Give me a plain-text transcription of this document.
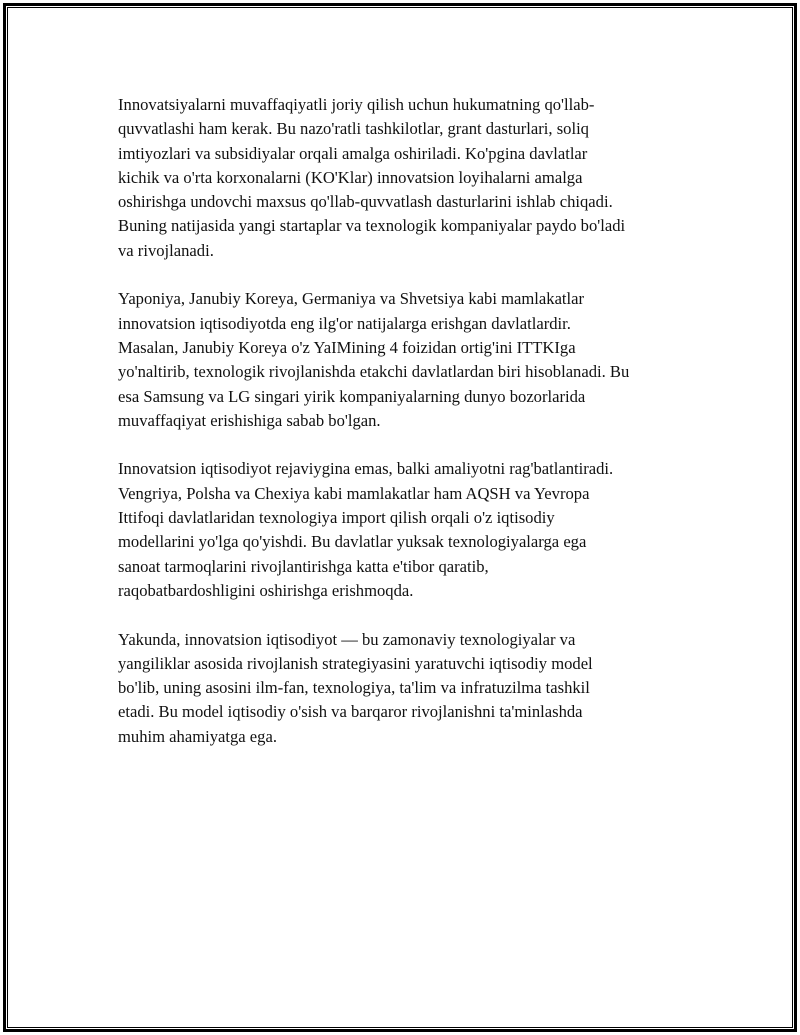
Innovatsiyalarni muvaffaqiyatli joriy qilish uchun hukumatning qo'llab-
quvvatlashi ham kerak. Bu nazo'ratli tashkilotlar, grant dasturlari, soliq
imtiyozlari va subsidiyalar orqali amalga oshiriladi. Ko'pgina davlatlar
kichik va o'rta korxonalarni (KO'Klar) innovatsion loyihalarni amalga
oshirishga undovchi maxsus qo'llab-quvvatlash dasturlarini ishlab chiqadi.
Buning natijasida yangi startaplar va texnologik kompaniyalar paydo bo'ladi
va rivojlanadi.

Yaponiya, Janubiy Koreya, Germaniya va Shvetsiya kabi mamlakatlar
innovatsion iqtisodiyotda eng ilg'or natijalarga erishgan davlatlardir.
Masalan, Janubiy Koreya o'z YaIMining 4 foizidan ortig'ini ITTKIga
yo'naltirib, texnologik rivojlanishda etakchi davlatlardan biri hisoblanadi. Bu
esa Samsung va LG singari yirik kompaniyalarning dunyo bozorlarida
muvaffaqiyat erishishiga sabab bo'lgan.

Innovatsion iqtisodiyot rejaviygina emas, balki amaliyotni rag'batlantiradi.
Vengriya, Polsha va Chexiya kabi mamlakatlar ham AQSH va Yevropa
Ittifoqi davlatlaridan texnologiya import qilish orqali o'z iqtisodiy
modellarini yo'lga qo'yishdi. Bu davlatlar yuksak texnologiyalarga ega
sanoat tarmoqlarini rivojlantirishga katta e'tibor qaratib,
raqobatbardoshligini oshirishga erishmoqda.

Yakunda, innovatsion iqtisodiyot — bu zamonaviy texnologiyalar va
yangiliklar asosida rivojlanish strategiyasini yaratuvchi iqtisodiy model
bo'lib, uning asosini ilm-fan, texnologiya, ta'lim va infratuzilma tashkil
etadi. Bu model iqtisodiy o'sish va barqaror rivojlanishni ta'minlashda
muhim ahamiyatga ega.
